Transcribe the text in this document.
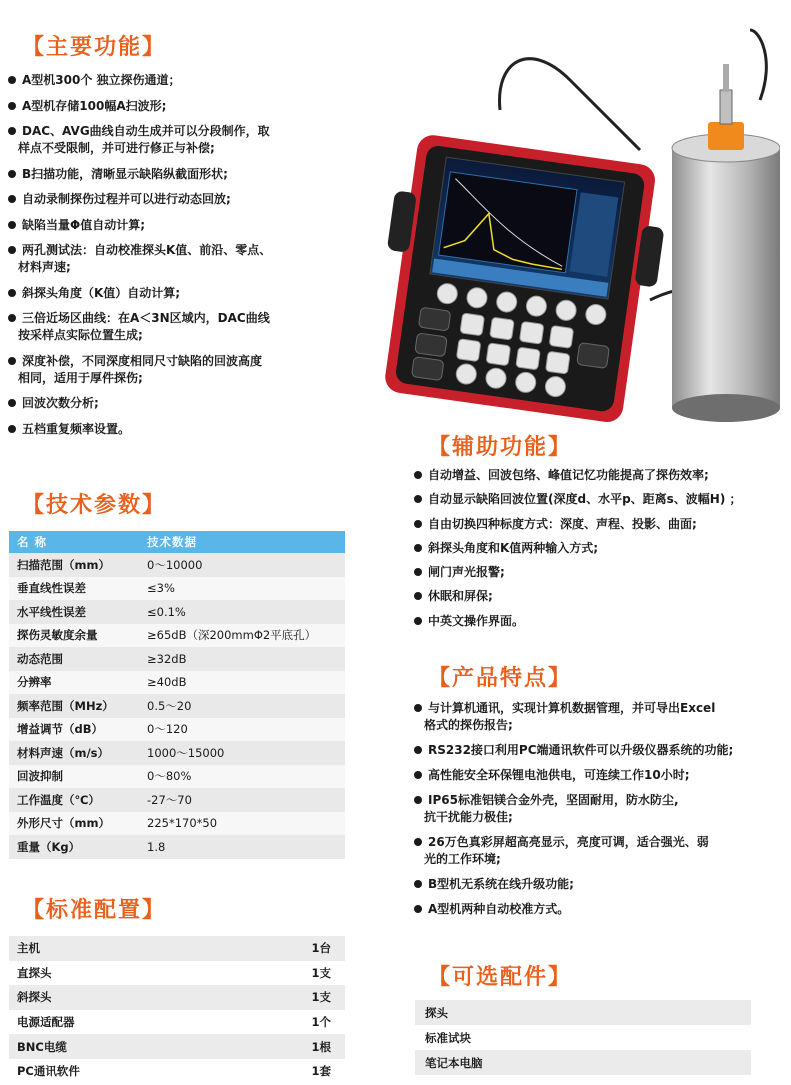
【主要功能】
【技术参数】
【标准配置】
【辅助功能】
【产品特点】
【可选配件】
A型机300个 独立探伤通道；
A型机存储100幅A扫波形;
DAC、AVG曲线自动生成并可以分段制作，取
样点不受限制，并可进行修正与补偿;
B扫描功能，清晰显示缺陷纵截面形状;
自动录制探伤过程并可以进行动态回放;
缺陷当量Φ值自动计算;
两孔测试法：自动校准探头K值、前沿、零点、
材料声速;
斜探头角度（K值）自动计算;
三倍近场区曲线：在A＜3N区域内，DAC曲线
按采样点实际位置生成;
深度补偿，不同深度相同尺寸缺陷的回波高度
相同，适用于厚件探伤;
回波次数分析;
五档重复频率设置。
自动增益、回波包络、峰值记忆功能提高了探伤效率;
自动显示缺陷回波位置(深度d、水平p、距离s、波幅H) ；
自由切换四种标度方式：深度、声程、投影、曲面;
斜探头角度和K值两种输入方式;
闸门声光报警;
休眠和屏保;
中英文操作界面。
与计算机通讯，实现计算机数据管理，并可导出Excel
格式的探伤报告;
RS232接口利用PC端通讯软件可以升级仪器系统的功能;
高性能安全环保锂电池供电，可连续工作10小时;
IP65标准铝镁合金外壳，坚固耐用，防水防尘,
抗干扰能力极佳;
26万色真彩屏超高亮显示，亮度可调，适合强光、弱
光的工作环境;
B型机无系统在线升级功能;
A型机两种自动校准方式。
名 称	技术数据
扫描范围（mm）	0～10000
垂直线性误差	≤3%
水平线性误差	≤0.1%
探伤灵敏度余量	≥65dB（深200mmΦ2平底孔）
动态范围	≥32dB
分辨率	≥40dB
频率范围（MHz）	0.5～20
增益调节（dB）	0～120
材料声速（m/s）	1000～15000
回波抑制	0～80%
工作温度（℃）	-27～70
外形尺寸（mm）	225*170*50
重量（Kg）	1.8
主机	1台
直探头	1支
斜探头	1支
电源适配器	1个
BNC电缆	1根
PC通讯软件	1套
探头
标准试块
笔记本电脑
